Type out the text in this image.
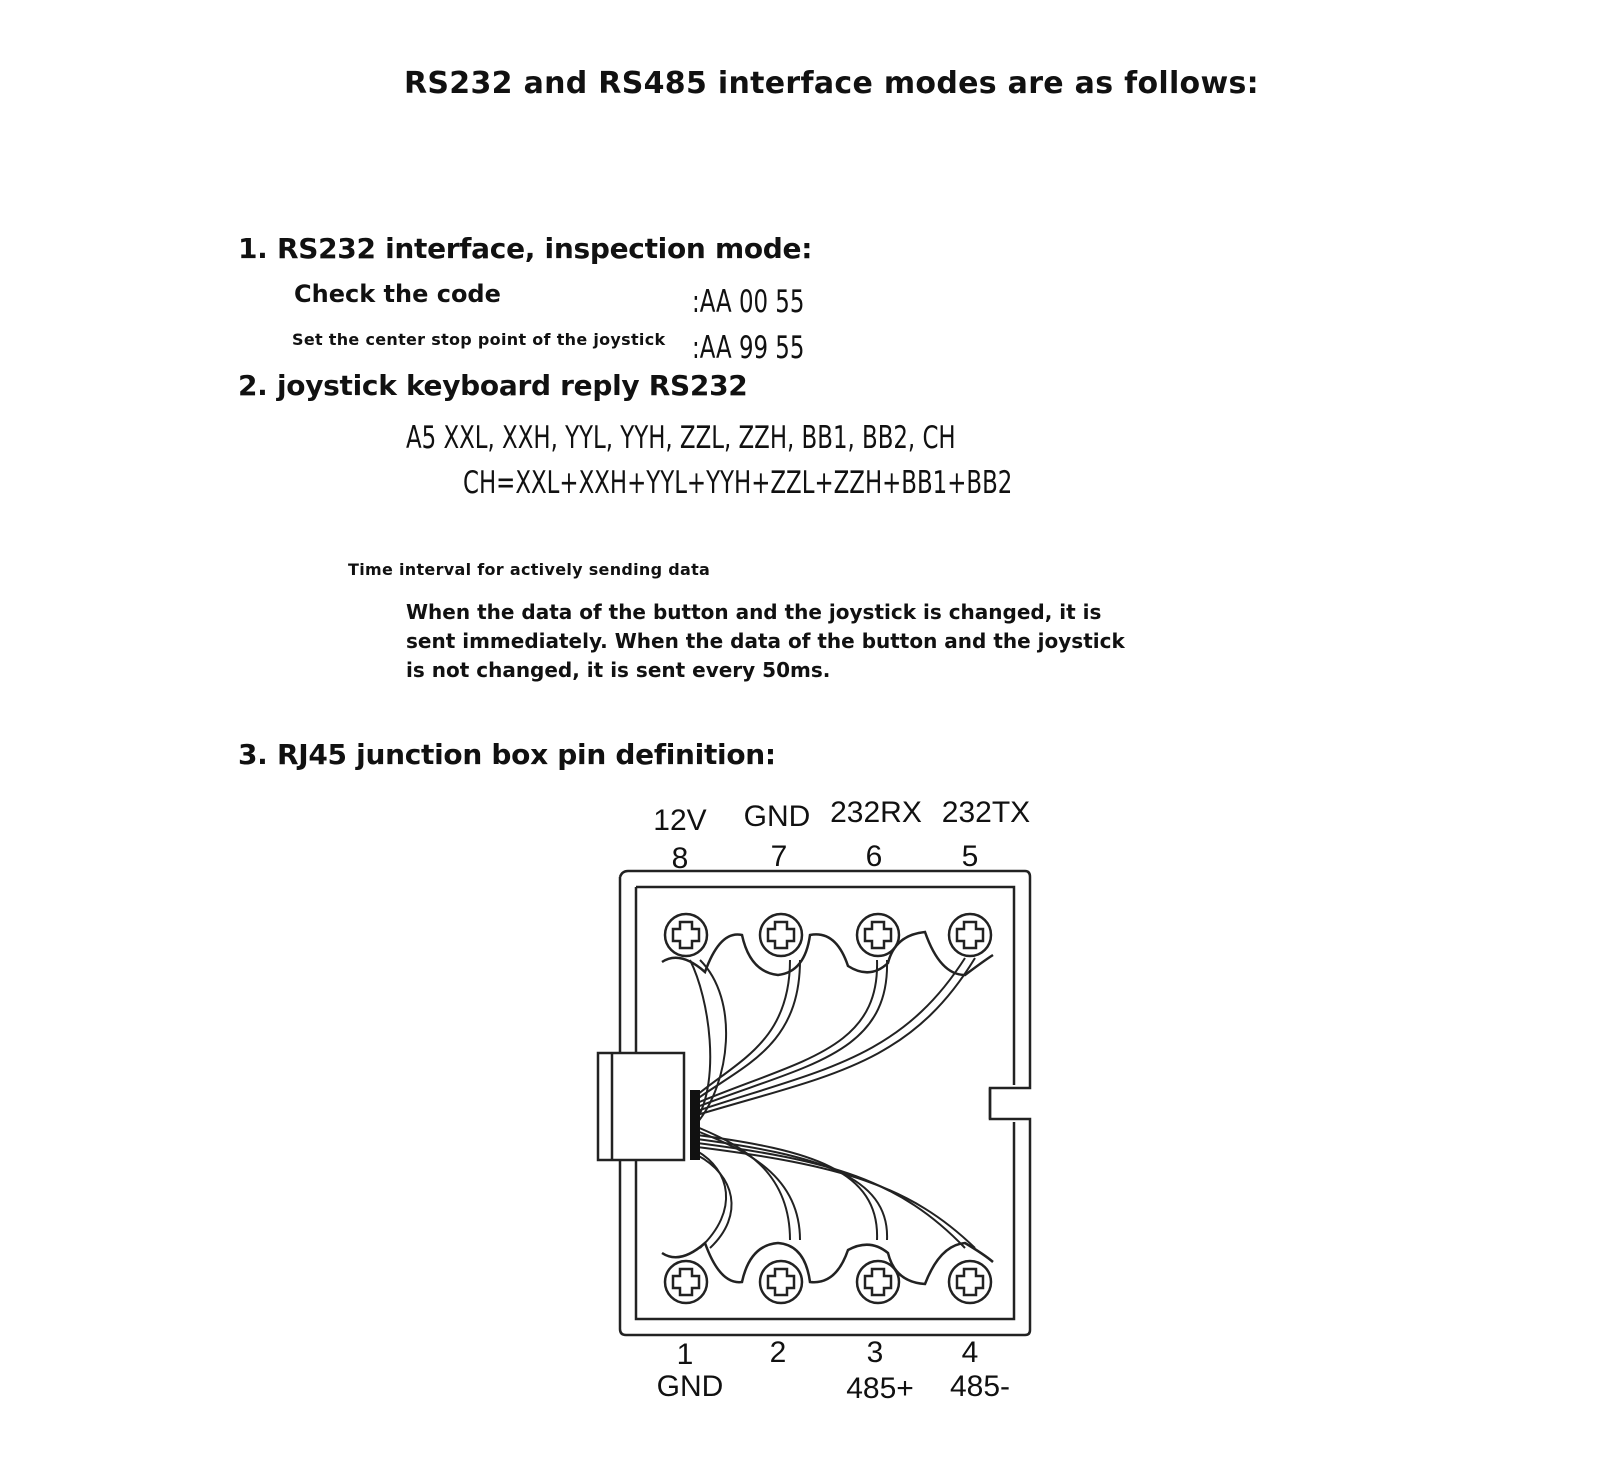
RS232 and RS485 interface modes are as follows:
1. RS232 interface, inspection mode:
Check the code	:AA 00 55
Set the center stop point of the joystick :AA 99 55
2. joystick keyboard reply RS232
A5 XXL, XXH, YYL, YYH, ZZL, ZZH, BB1, BB2, CH
CH=XXL+XXH+YYL+YYH+ZZL+ZZH+BB1+BB2
Time interval for actively sending data
When the data of the button and the joystick is changed, it is sent immediately. When the data of the button and the joystick is not changed, it is sent every 50ms.
3. RJ45 junction box pin definition:
12V
8
GND
7
232RX
6
232TX
5
1
GND
2	3
485+
4
485-
